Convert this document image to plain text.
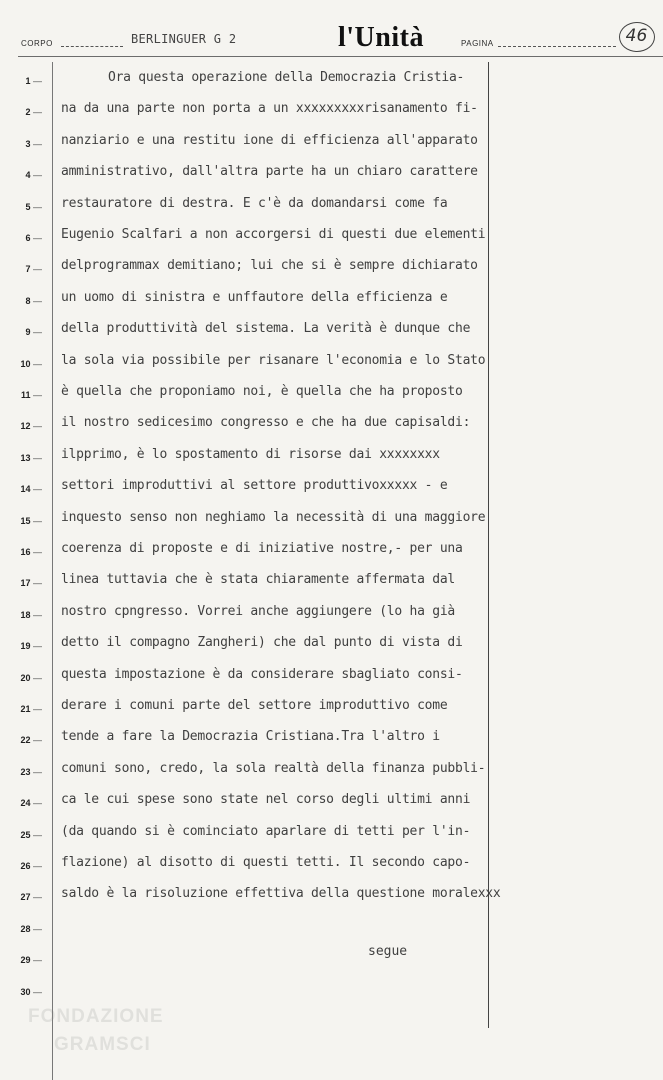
CORPO	BERLINGUER G 2	l'Unità	PAGINA	46
1 —
2 —
3 —
4 —
5 —
6 —
7 —
8 —
9 —
10 —
11 —
12 —
13 —
14 —
15 —
16 —
17 —
18 —
19 —
20 —
21 —
22 —
23 —
24 —
25 —
26 —
27 —
28 —
29 —
30 —
Ora questa operazione della Democrazia Cristia-
na da una parte non porta a un xxxxxxxxxrisanamento fi-
nanziario e una restitu ione di efficienza all'apparato
amministrativo, dall'altra parte ha un chiaro carattere
restauratore di destra. E c'è da domandarsi come fa
Eugenio Scalfari a non accorgersi di questi due elementi
delprogrammax demitiano; lui che si è sempre dichiarato
un uomo di sinistra e unffautore della efficienza e
della produttività del sistema. La verità è dunque che
la sola via possibile per risanare l'economia e lo Stato
è quella che proponiamo noi, è quella che ha proposto
il nostro sedicesimo congresso e che ha due capisaldi:
ilpprimo, è lo spostamento di risorse dai xxxxxxxx
settori improduttivi al settore produttivoxxxxx - e
inquesto senso non neghiamo la necessità di una maggiore
coerenza di proposte e di iniziative nostre,- per una
linea tuttavia che è stata chiaramente affermata dal
nostro cpngresso. Vorrei anche aggiungere (lo ha già
detto il compagno Zangheri) che dal punto di vista di
questa impostazione è da considerare sbagliato consi-
derare i comuni parte del settore improduttivo come
tende a fare la Democrazia Cristiana.Tra l'altro i
comuni sono, credo, la sola realtà della finanza pubbli-
ca le cui spese sono state nel corso degli ultimi anni
(da quando si è cominciato aparlare di tetti per l'in-
flazione) al disotto di questi tetti. Il secondo capo-
saldo è la risoluzione effettiva della questione moralexxx
segue
FONDAZIONE
GRAMSCI
